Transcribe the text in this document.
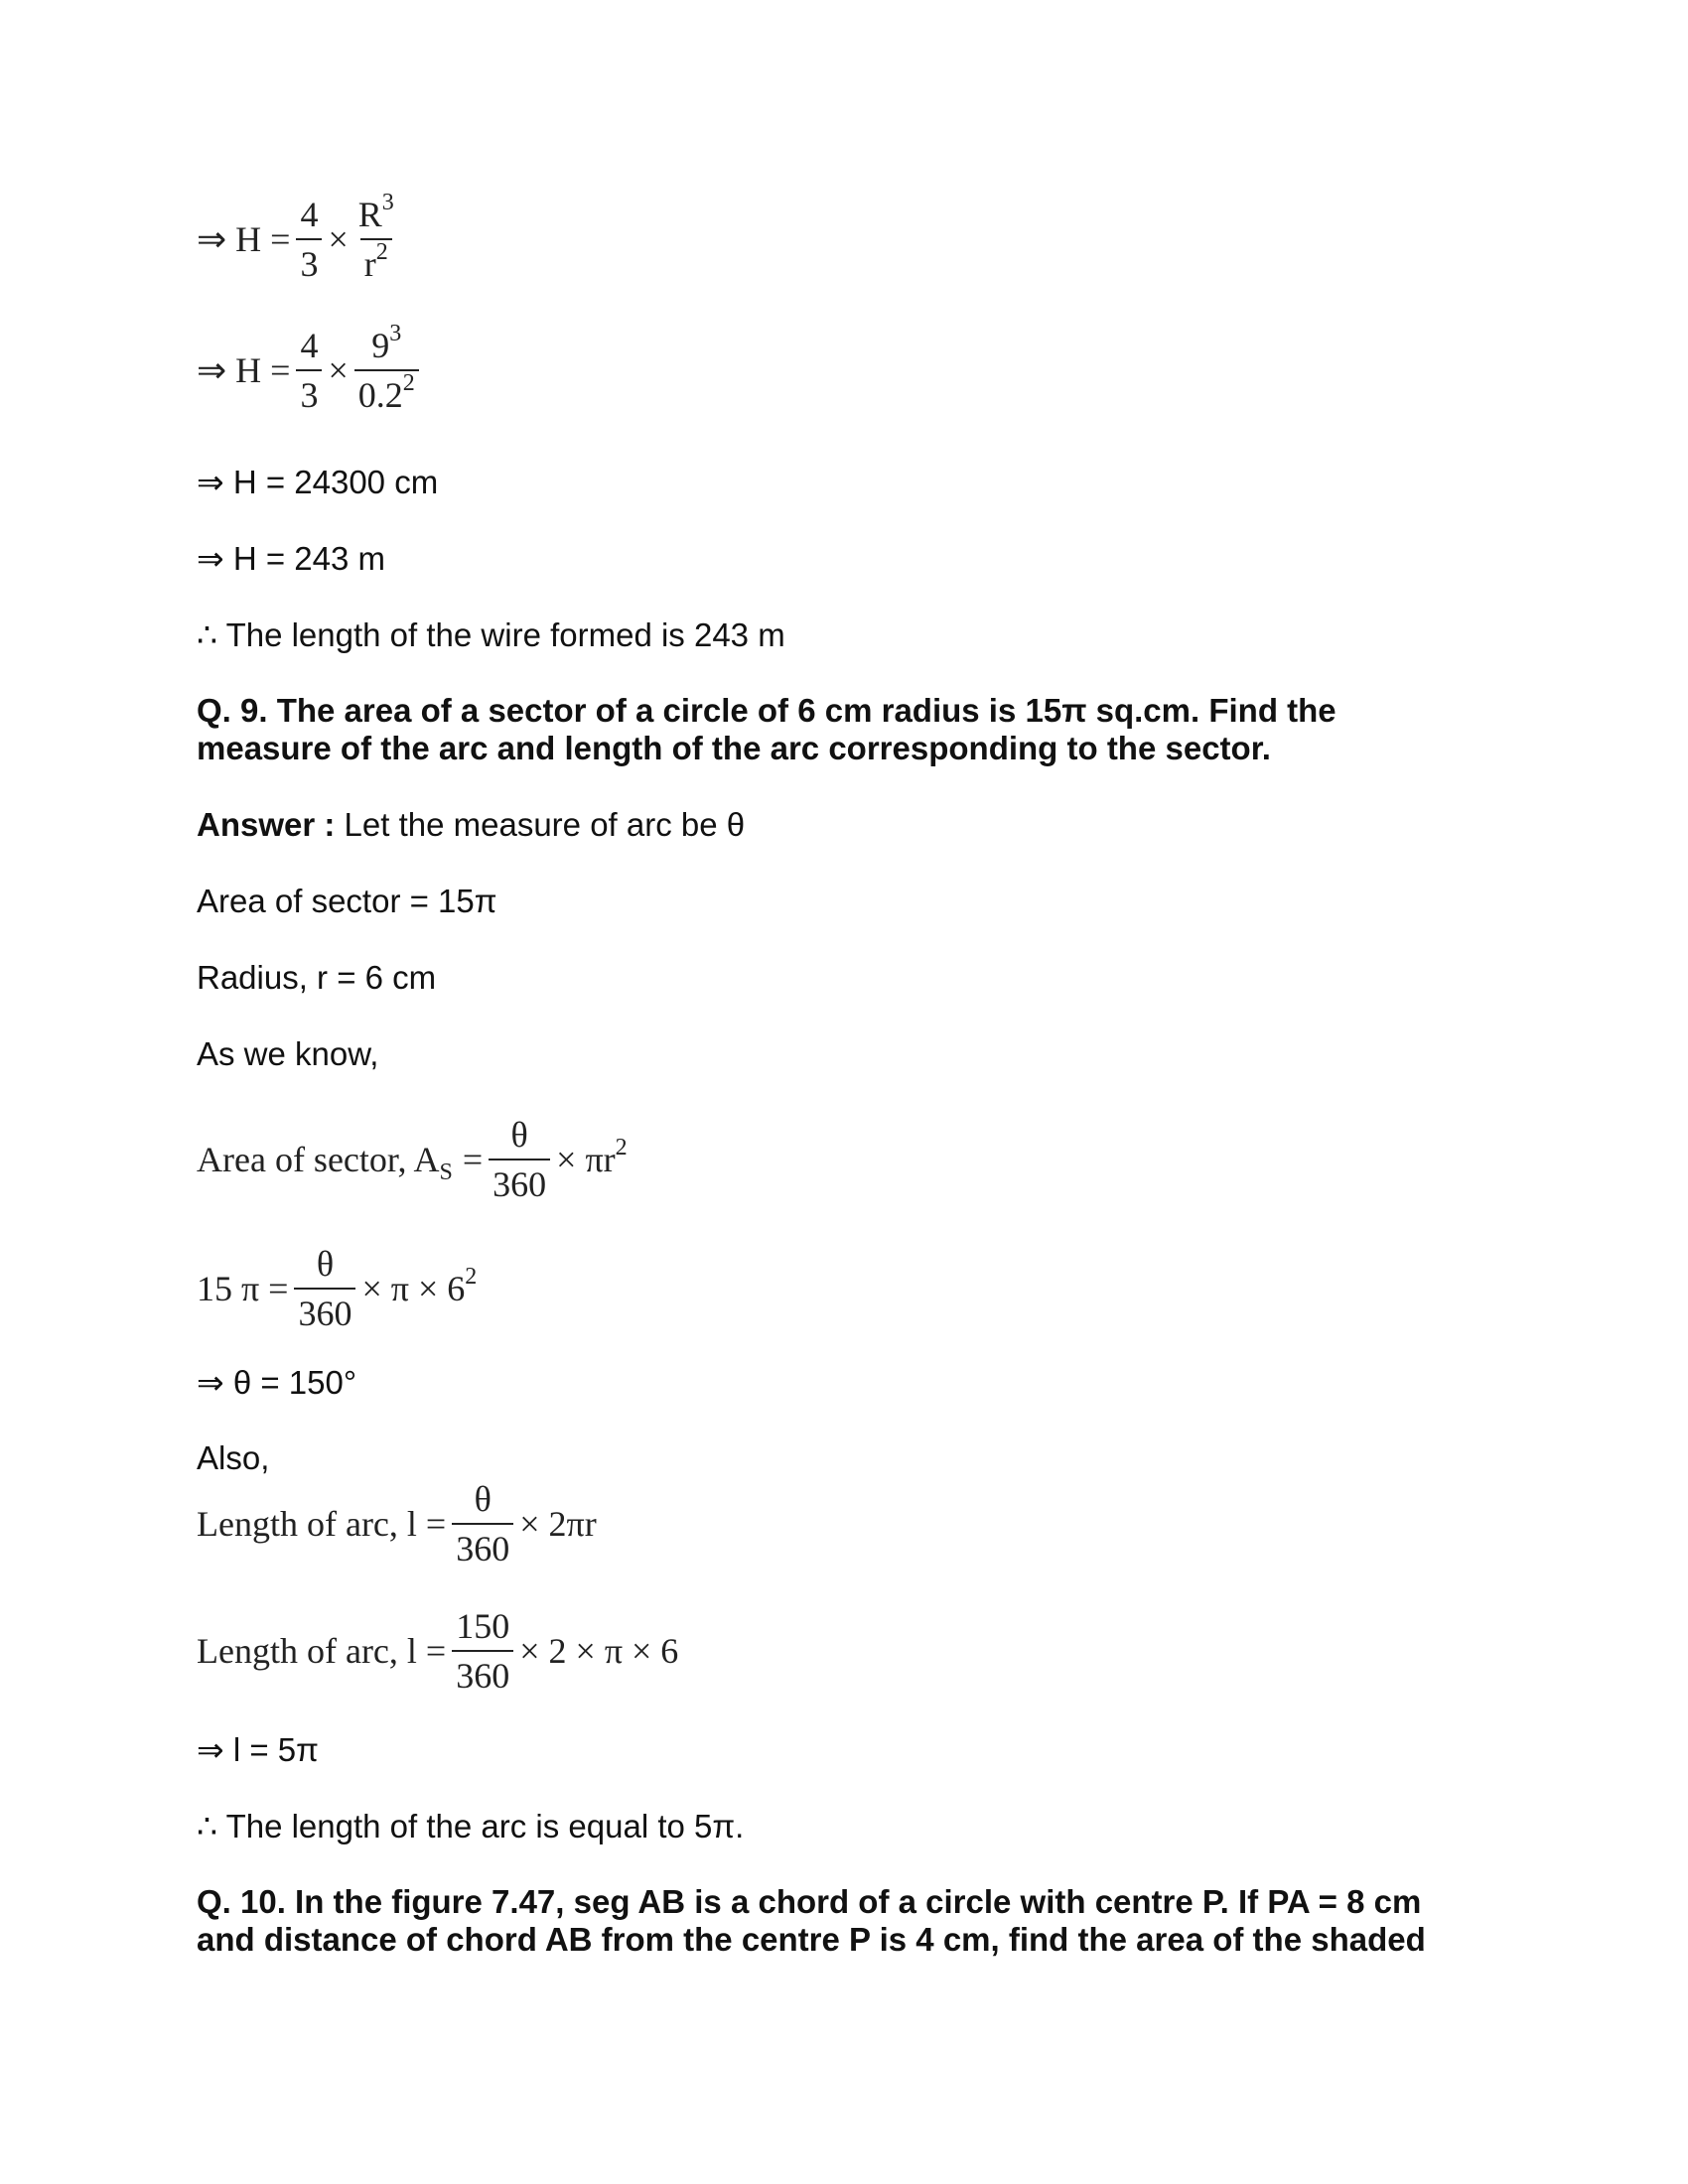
⇒ $H = \frac{4}{3} \times \frac{R^3}{r^2}$
⇒ $H = \frac{4}{3} \times \frac{9^3}{0.2^2}$
⇒ H = 24300 cm
⇒ H = 243 m
∴ The length of the wire formed is 243 m
Q. 9. The area of a sector of a circle of 6 cm radius is 15π sq.cm. Find the
measure of the arc and length of the arc corresponding to the sector.
Answer : Let the measure of arc be θ
Area of sector = 15π
Radius, r = 6 cm
As we know,
Area of sector, $A_S = \frac{\theta}{360} \times \pi r^2$
15 $\pi = \frac{\theta}{360} \times \pi \times 6^2$
⇒ θ = 150°
Also,
Length of arc, $l = \frac{\theta}{360} \times 2\pi r$
Length of arc, $l = \frac{150}{360} \times 2 \times \pi \times 6$
⇒ l = 5π
∴ The length of the arc is equal to 5π.
Q. 10. In the figure 7.47, seg AB is a chord of a circle with centre P. If PA = 8 cm
and distance of chord AB from the centre P is 4 cm, find the area of the shaded
